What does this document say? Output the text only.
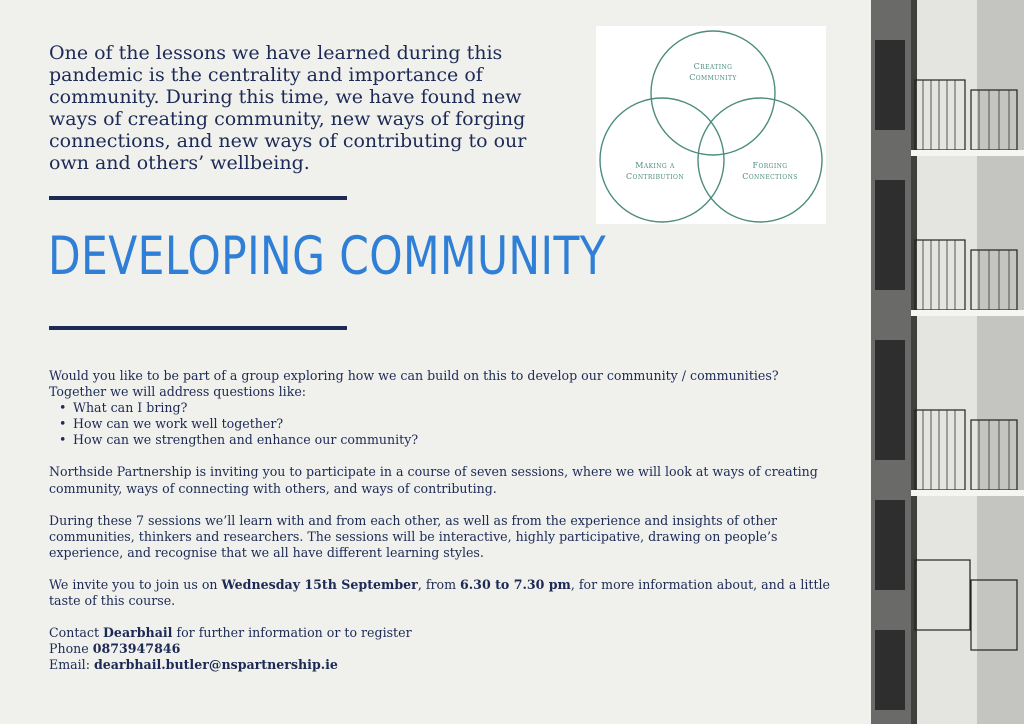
One of the lessons we have learned during this pandemic is the centrality and importance of community. During this time, we have found new ways of creating community, new ways of forging connections, and new ways of contributing to our own and others’ wellbeing.

DEVELOPING COMMUNITY
Creating
Community
Making a
Contribution
Forging
Connections

Would you like to be part of a group exploring how we can build on this to develop our community / communities?

Together we will address questions like:

• What can I bring?
• How can we work well together?
• How can we strengthen and enhance our community?

Northside Partnership is inviting you to participate in a course of seven sessions, where we will look at ways of creating community, ways of connecting with others, and ways of contributing.

During these 7 sessions we’ll learn with and from each other, as well as from the experience and insights of other communities, thinkers and researchers. The sessions will be interactive, highly participative, drawing on people’s experience, and recognise that we all have different learning styles.

We invite you to join us on Wednesday 15th September, from 6.30 to 7.30 pm, for more information about, and a little taste of this course.

Contact Dearbhail for further information or to register

Phone 0873947846

Email: dearbhail.butler@nspartnership.ie
